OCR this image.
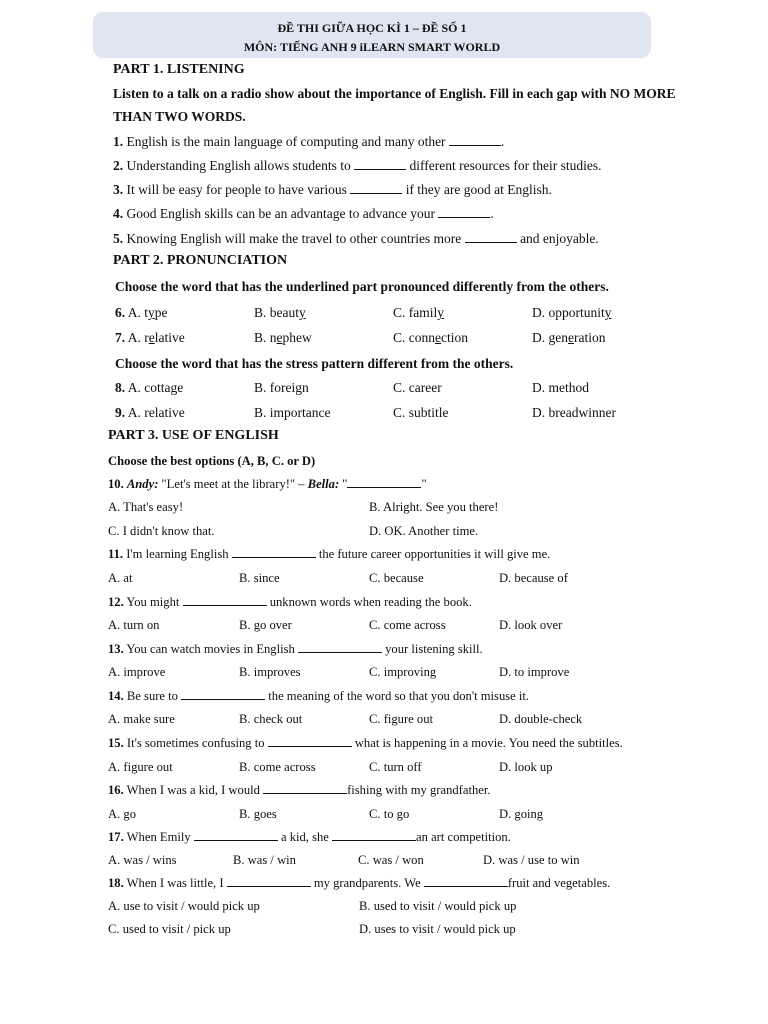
ĐỀ THI GIỮA HỌC KÌ 1 – ĐỀ SỐ 1
MÔN: TIẾNG ANH 9 iLEARN SMART WORLD
PART 1. LISTENING
Listen to a talk on a radio show about the importance of English. Fill in each gap with NO MORE
THAN TWO WORDS.
1. English is the main language of computing and many other	.
2. Understanding English allows students to	different resources for their studies.
3. It will be easy for people to have various	if they are good at English.
4. Good English skills can be an advantage to advance your	.
5. Knowing English will make the travel to other countries more	and enjoyable.
PART 2. PRONUNCIATION
Choose the word that has the underlined part pronounced differently from the others.
6. A. type	B. beauty	C. family	D. opportunity
7. A. relative	B. nephew	C. connection	D. generation
Choose the word that has the stress pattern different from the others.
8. A. cottage	B. foreign	C. career	D. method
9. A. relative	B. importance	C. subtitle	D. breadwinner
PART 3. USE OF ENGLISH
Choose the best options (A, B, C. or D)
10. Andy: "Let's meet at the library!" – Bella: "	"
A. That's easy!	B. Alright. See you there!
C. I didn't know that.	D. OK. Another time.
11. I'm learning English	the future career opportunities it will give me.
A. at	B. since	C. because	D. because of
12. You might	unknown words when reading the book.
A. turn on	B. go over	C. come across	D. look over
13. You can watch movies in English	your listening skill.
A. improve	B. improves	C. improving	D. to improve
14. Be sure to	the meaning of the word so that you don't misuse it.
A. make sure	B. check out	C. figure out	D. double-check
15. It's sometimes confusing to	what is happening in a movie. You need the subtitles.
A. figure out	B. come across	C. turn off	D. look up
16. When I was a kid, I would	fishing with my grandfather.
A. go	B. goes	C. to go	D. going
17. When Emily	a kid, she	an art competition.
A. was / wins	B. was / win	C. was / won	D. was / use to win
18. When I was little, I	my grandparents. We	fruit and vegetables.
A. use to visit / would pick up	B. used to visit / would pick up
C. used to visit / pick up	D. uses to visit / would pick up
